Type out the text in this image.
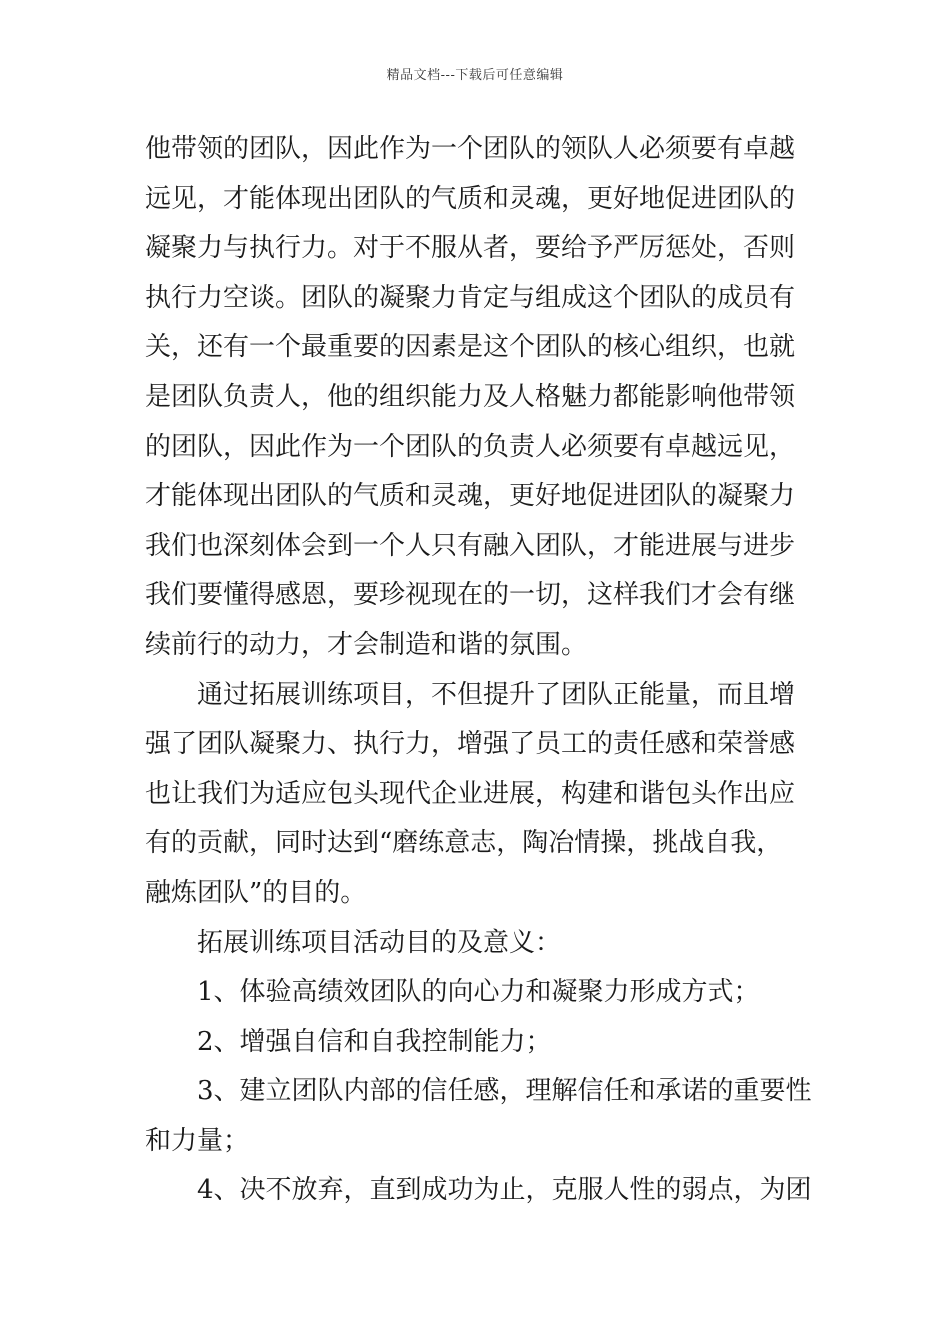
精品文档---下载后可任意编辑
他带领的团队，因此作为一个团队的领队人必须要有卓越
远见，才能体现出团队的气质和灵魂，更好地促进团队的
凝聚力与执行力。对于不服从者，要给予严厉惩处，否则
执行力空谈。团队的凝聚力肯定与组成这个团队的成员有
关，还有一个最重要的因素是这个团队的核心组织，也就
是团队负责人，他的组织能力及人格魅力都能影响他带领
的团队，因此作为一个团队的负责人必须要有卓越远见，
才能体现出团队的气质和灵魂，更好地促进团队的凝聚力
我们也深刻体会到一个人只有融入团队，才能进展与进步
我们要懂得感恩，要珍视现在的一切，这样我们才会有继
续前行的动力，才会制造和谐的氛围。
通过拓展训练项目，不但提升了团队正能量，而且增
强了团队凝聚力、执行力，增强了员工的责任感和荣誉感
也让我们为适应包头现代企业进展，构建和谐包头作出应
有的贡献，同时达到“磨练意志，陶冶情操，挑战自我，
融炼团队”的目的。
拓展训练项目活动目的及意义：
1、体验高绩效团队的向心力和凝聚力形成方式；
2、增强自信和自我控制能力；
3、建立团队内部的信任感，理解信任和承诺的重要性
和力量；
4、决不放弃，直到成功为止，克服人性的弱点，为团
